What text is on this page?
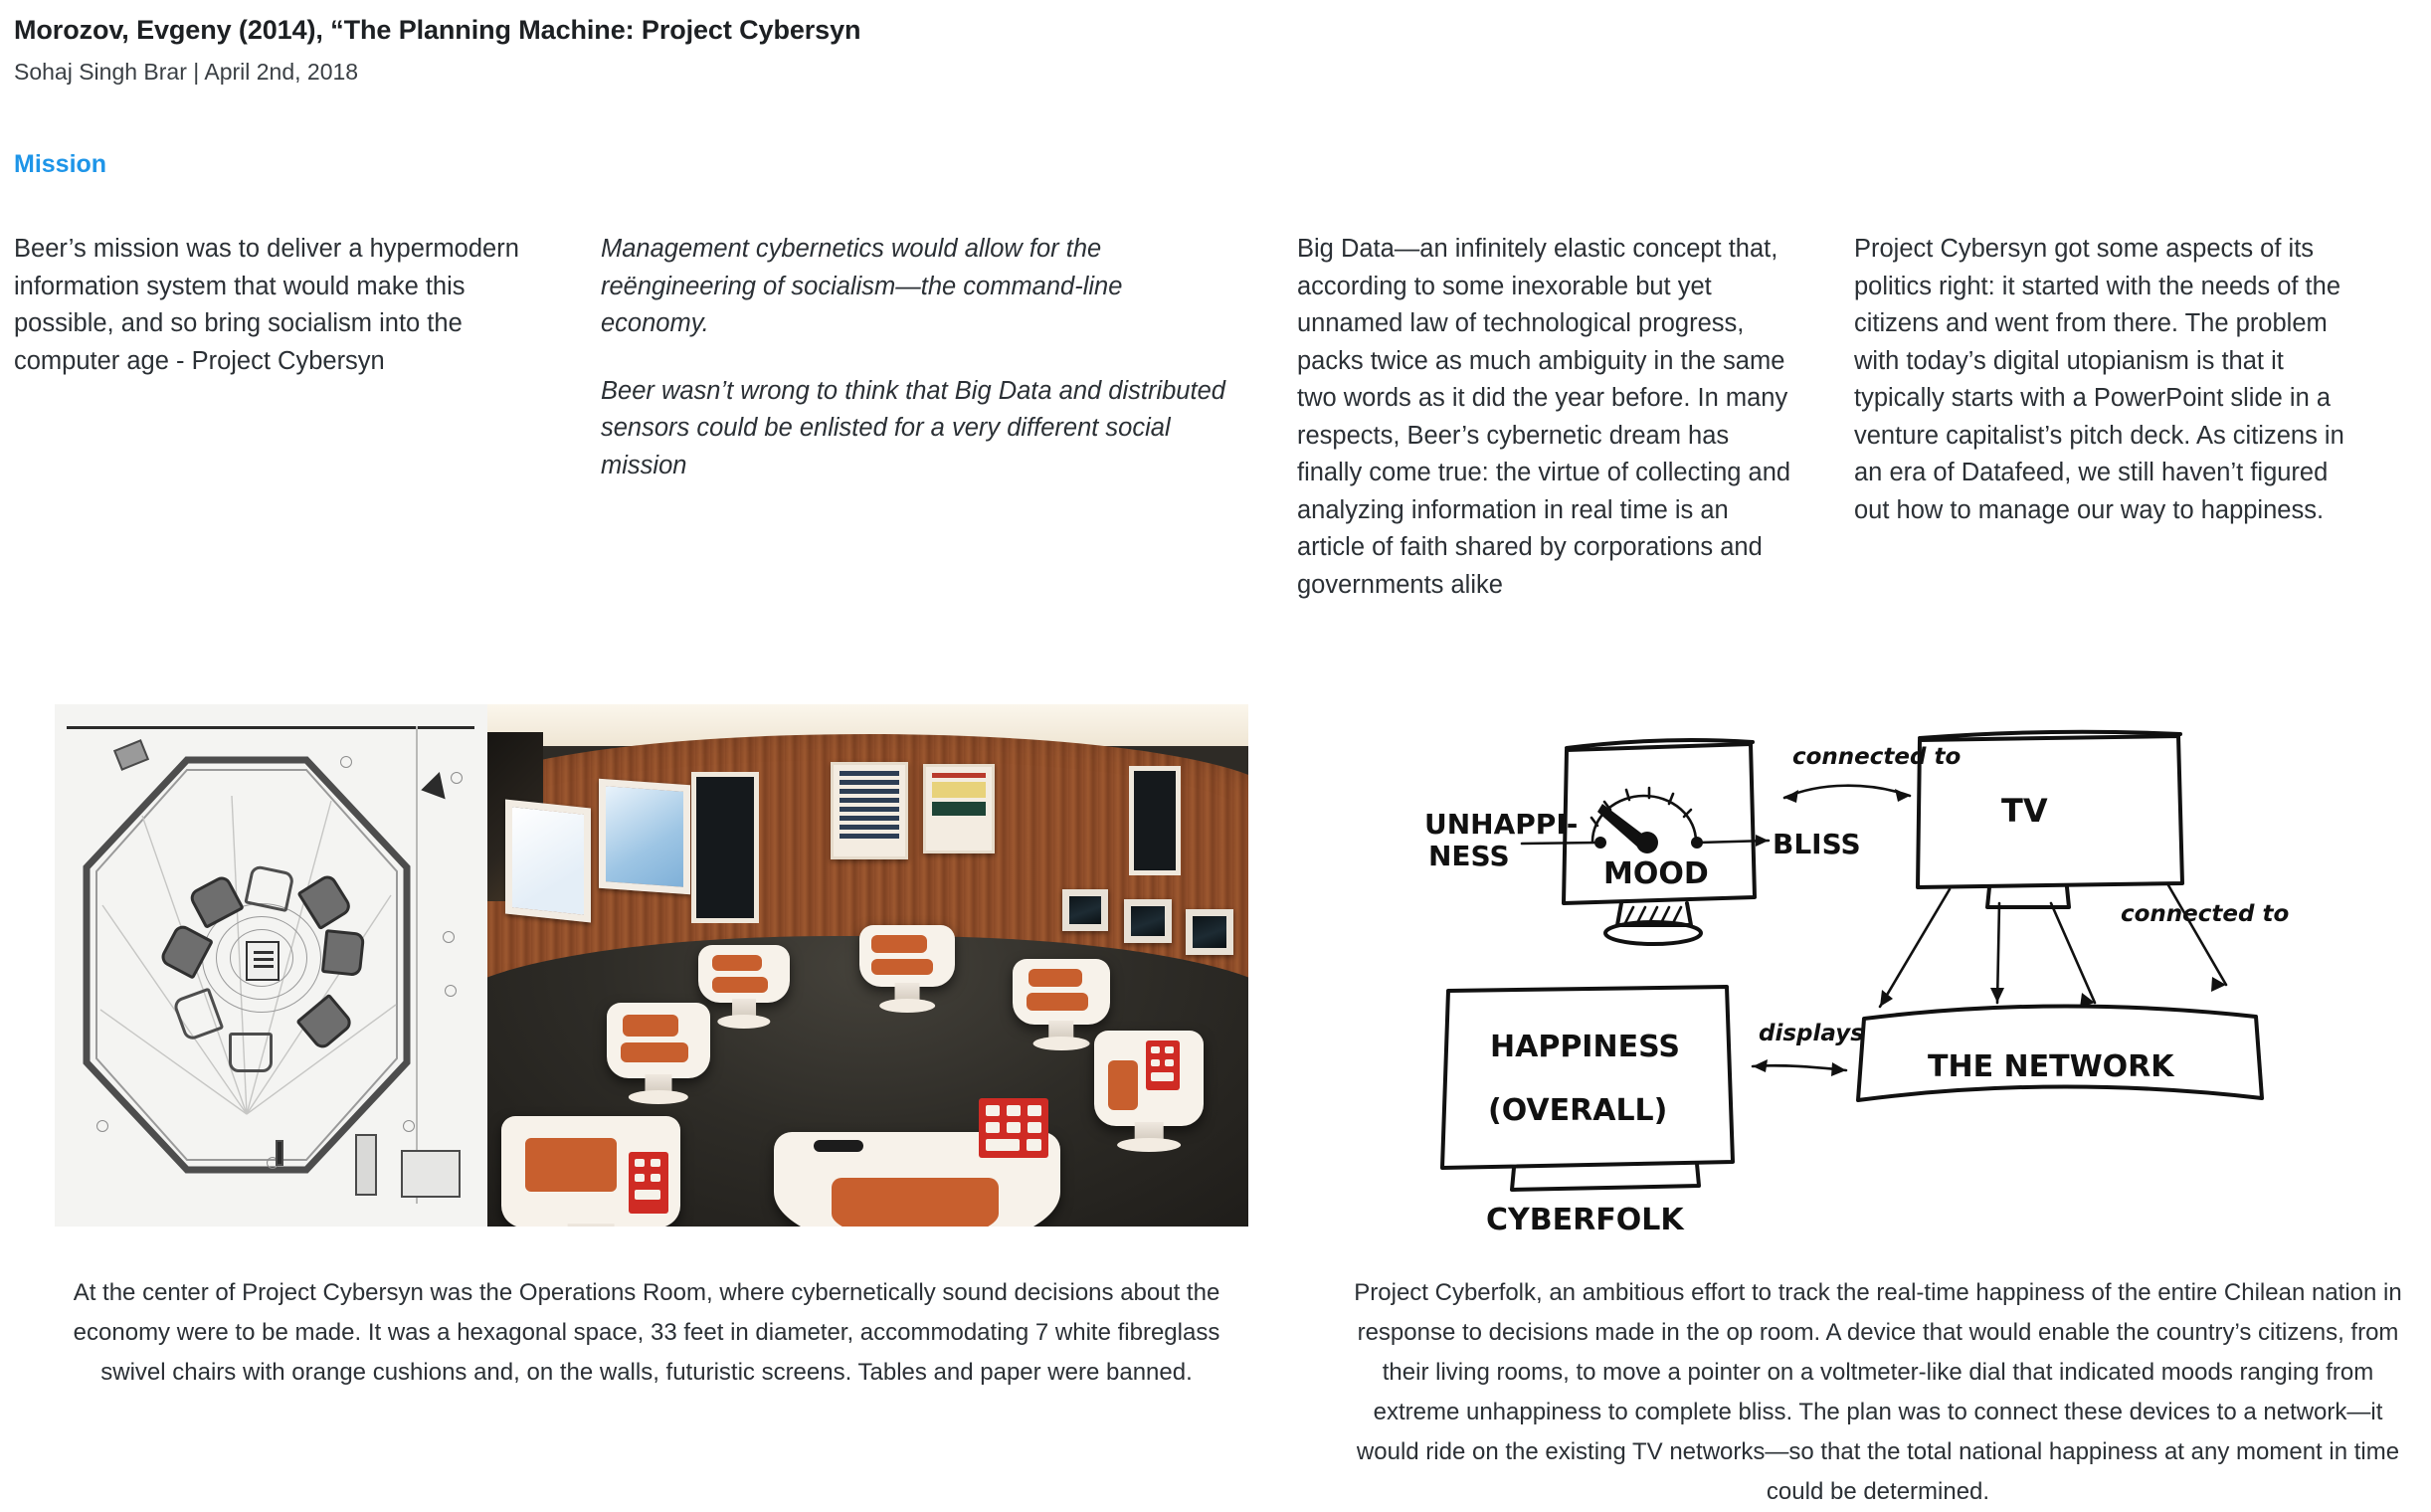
Morozov, Evgeny (2014), “The Planning Machine: Project Cybersyn
Sohaj Singh Brar | April 2nd, 2018
Mission

Beer’s mission was to deliver a hypermodern information system that would make this possible, and so bring socialism into the computer age - Project Cybersyn

Management cybernetics would allow for the reëngineering of socialism—the command-line economy.

Beer wasn’t wrong to think that Big Data and distributed sensors could be enlisted for a very different social mission

Big Data—an infinitely elastic concept that, according to some inexorable but yet unnamed law of technological progress, packs twice as much ambiguity in the same two words as it did the year before. In many respects, Beer’s cybernetic dream has finally come true: the virtue of collecting and analyzing information in real time is an article of faith shared by corporations and governments alike

Project Cybersyn got some aspects of its politics right: it started with the needs of the citizens and went from there. The problem with today’s digital utopianism is that it typically starts with a PowerPoint slide in a venture capitalist’s pitch deck. As citizens in an era of Datafeed, we still haven’t figured out how to manage our way to happiness.

MOOD
UNHAPPI-
NESS	BLISS
connected to
TV
connected to
THE NETWORK
displays
HAPPINESS
(OVERALL)
CYBERFOLK
At the center of Project Cybersyn was the Operations Room, where cybernetically sound decisions about the economy were to be made. It was a hexagonal space, 33 feet in diameter, accommodating 7 white fibreglass swivel chairs with orange cushions and, on the walls, futuristic screens. Tables and paper were banned.
Project Cyberfolk, an ambitious effort to track the real-time happiness of the entire Chilean nation in response to decisions made in the op room. A device that would enable the country’s citizens, from their living rooms, to move a pointer on a voltmeter-like dial that indicated moods ranging from extreme unhappiness to complete bliss. The plan was to connect these devices to a network—it would ride on the existing TV networks—so that the total national happiness at any moment in time could be determined.
